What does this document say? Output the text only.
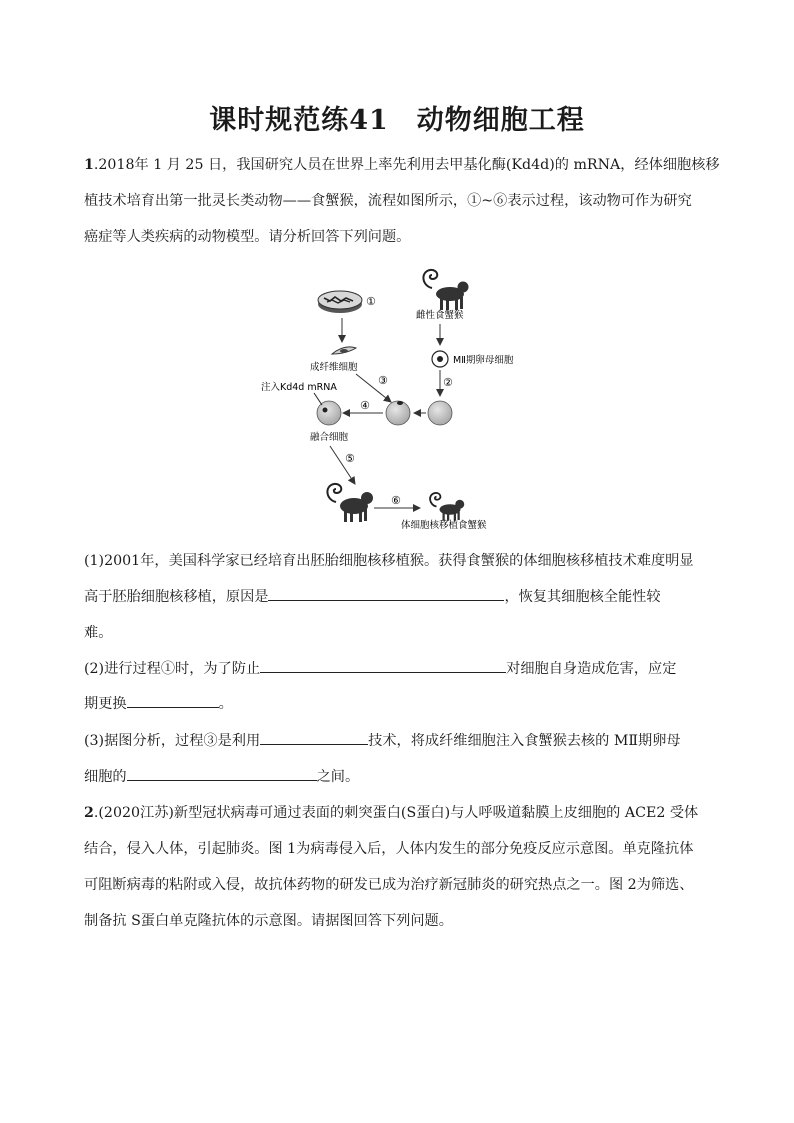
课时规范练41　动物细胞工程
1.2018年 1 月 25 日，我国研究人员在世界上率先利用去甲基化酶(Kd4d)的 mRNA，经体细胞核移
植技术培育出第一批灵长类动物——食蟹猴，流程如图所示，①~⑥表示过程，该动物可作为研究
癌症等人类疾病的动物模型。请分析回答下列问题。
①
成纤维细胞
③
雌性食蟹猴
MⅡ期卵母细胞
②
④
注入Kd4d mRNA
融合细胞
⑤
⑥
体细胞核移植食蟹猴
(1)2001年，美国科学家已经培育出胚胎细胞核移植猴。获得食蟹猴的体细胞核移植技术难度明显
高于胚胎细胞核移植，原因是	，恢复其细胞核全能性较
难。
(2)进行过程①时，为了防止	对细胞自身造成危害，应定
期更换	。
(3)据图分析，过程③是利用	技术，将成纤维细胞注入食蟹猴去核的 MⅡ期卵母
细胞的	之间。
2.(2020江苏)新型冠状病毒可通过表面的刺突蛋白(S蛋白)与人呼吸道黏膜上皮细胞的 ACE2 受体
结合，侵入人体，引起肺炎。图 1为病毒侵入后，人体内发生的部分免疫反应示意图。单克隆抗体
可阻断病毒的粘附或入侵，故抗体药物的研发已成为治疗新冠肺炎的研究热点之一。图 2为筛选、
制备抗 S蛋白单克隆抗体的示意图。请据图回答下列问题。
